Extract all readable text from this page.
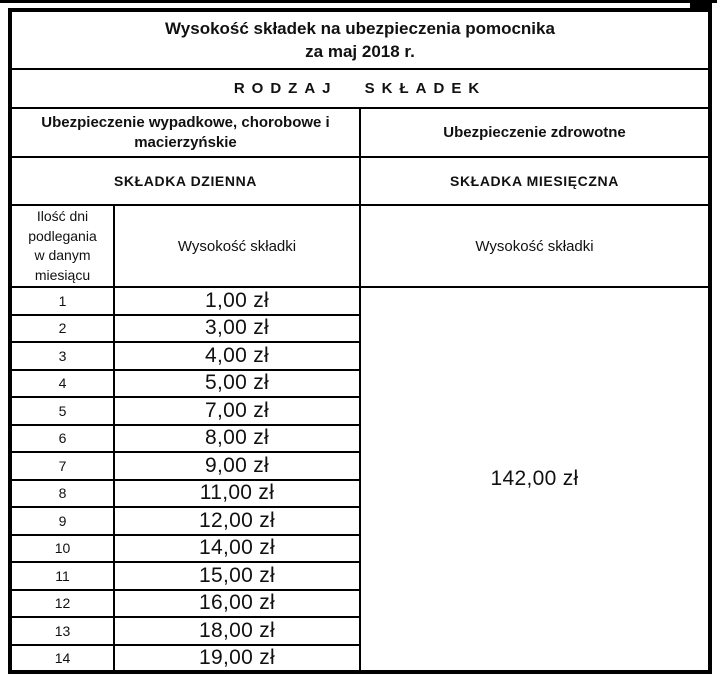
Wysokość składek na ubezpieczenia pomocnika
za maj 2018 r.		

RODZAJ SKŁADEK		

Ubezpieczenie wypadkowe, chorobowe i
macierzyńskie		Ubezpieczenie zdrowotne
SKŁADKA DZIENNA		SKŁADKA MIESIĘCZNA

Ilość dni
podlegania
w danym
miesiącu	Wysokość składki	Wysokość składki
1	1,00 zł	142,00 zł
2	3,00 zł	
3	4,00 zł	
4	5,00 zł	
5	7,00 zł	
6	8,00 zł	
7	9,00 zł	
8	11,00 zł	
9	12,00 zł	
10	14,00 zł	
11	15,00 zł	
12	16,00 zł	
13	18,00 zł	
14	19,00 zł	
